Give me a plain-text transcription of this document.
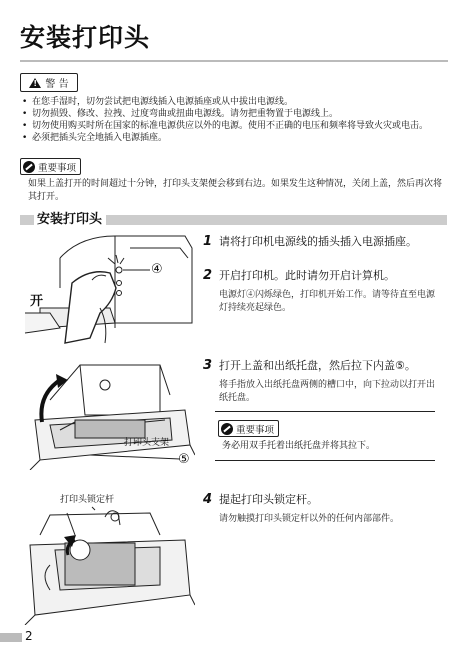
安装打印头
! 警 告
• 在您手湿时，切勿尝试把电源线插入电源插座或从中拔出电源线。
• 切勿损毁、修改、拉拽、过度弯曲或扭曲电源线。请勿把重物置于电源线上。
• 切勿使用购买时所在国家的标准电源供应以外的电源。使用不正确的电压和频率将导致火灾或电击。
• 必须把插头完全地插入电源插座。
重要事项
如果上盖打开的时间超过十分钟，打印头支架便会移到右边。如果发生这种情况，关闭上盖，然后再次将其打开。
安装打印头
开
④
1 请将打印机电源线的插头插入电源插座。
2 开启打印机。此时请勿开启计算机。
电源灯④闪烁绿色，打印机开始工作。请等待直至电源灯持续亮起绿色。
打印头支架
⑤
3 打开上盖和出纸托盘，然后拉下内盖⑤。
将手指放入出纸托盘两侧的槽口中，向下拉动以打开出纸托盘。
重要事项
务必用双手托着出纸托盘并将其拉下。
打印头锁定杆	4 提起打印头锁定杆。
请勿触摸打印头锁定杆以外的任何内部部件。
2
